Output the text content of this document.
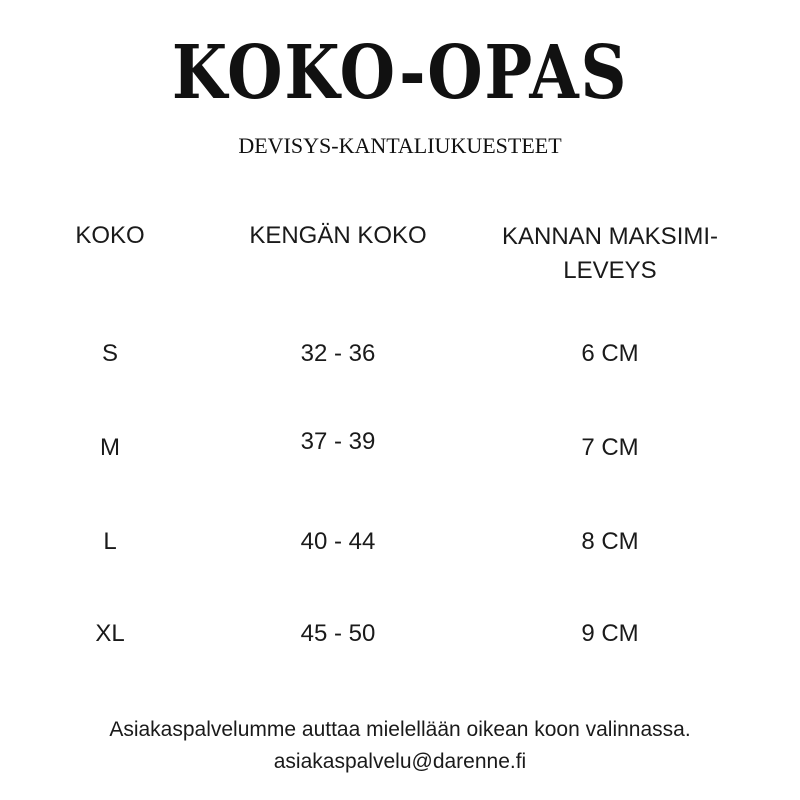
KOKO-OPAS
DEVISYS-KANTALIUKUESTEET
KOKO	KENGÄN KOKO	KANNAN MAKSIMI-
LEVEYS
S	32 - 36	6 CM
M	37 - 39	7 CM
L	40 - 44	8 CM
XL	45 - 50	9 CM
Asiakaspalvelumme auttaa mielellään oikean koon valinnassa.
asiakaspalvelu@darenne.fi
